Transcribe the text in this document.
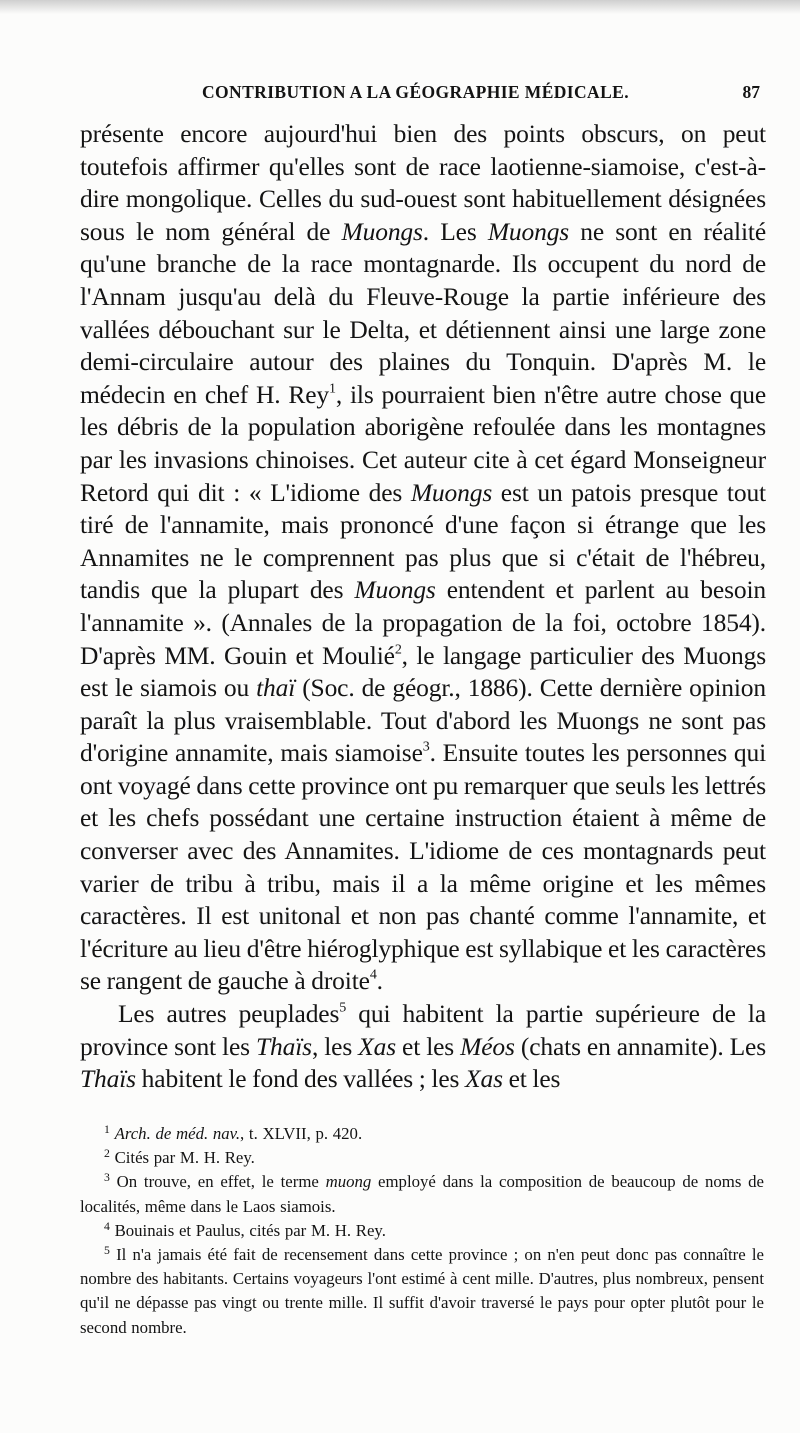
CONTRIBUTION A LA GÉOGRAPHIE MÉDICALE.	87

présente encore aujourd'hui bien des points obscurs, on peut toutefois affirmer qu'elles sont de race laotienne-siamoise, c'est-à-dire mongolique. Celles du sud-ouest sont habituellement désignées sous le nom général de Muongs. Les Muongs ne sont en réalité qu'une branche de la race montagnarde. Ils occupent du nord de l'Annam jusqu'au delà du Fleuve-Rouge la partie inférieure des vallées débouchant sur le Delta, et détiennent ainsi une large zone demi-circulaire autour des plaines du Tonquin. D'après M. le médecin en chef H. Rey$^1$, ils pourraient bien n'être autre chose que les débris de la population aborigène refoulée dans les montagnes par les invasions chinoises. Cet auteur cite à cet égard Monseigneur Retord qui dit : « L'idiome des Muongs est un patois presque tout tiré de l'annamite, mais prononcé d'une façon si étrange que les Annamites ne le comprennent pas plus que si c'était de l'hébreu, tandis que la plupart des Muongs entendent et parlent au besoin l'annamite ». (Annales de la propagation de la foi, octobre 1854). D'après MM. Gouin et Moulié$^2$, le langage particulier des Muongs est le siamois ou thaï (Soc. de géogr., 1886). Cette dernière opinion paraît la plus vraisemblable. Tout d'abord les Muongs ne sont pas d'origine annamite, mais siamoise$^3$. Ensuite toutes les personnes qui ont voyagé dans cette province ont pu remarquer que seuls les lettrés et les chefs possédant une certaine instruction étaient à même de converser avec des Annamites. L'idiome de ces montagnards peut varier de tribu à tribu, mais il a la même origine et les mêmes caractères. Il est unitonal et non pas chanté comme l'annamite, et l'écriture au lieu d'être hiéroglyphique est syllabique et les caractères se rangent de gauche à droite$^4$.

Les autres peuplades$^5$ qui habitent la partie supérieure de la province sont les Thaïs, les Xas et les Méos (chats en annamite). Les Thaïs habitent le fond des vallées ; les Xas et les

$^1$ Arch. de méd. nav., t. XLVII, p. 420.

$^2$ Cités par M. H. Rey.

$^3$ On trouve, en effet, le terme muong employé dans la composition de beaucoup de noms de localités, même dans le Laos siamois.

$^4$ Bouinais et Paulus, cités par M. H. Rey.

$^5$ Il n'a jamais été fait de recensement dans cette province ; on n'en peut donc pas connaître le nombre des habitants. Certains voyageurs l'ont estimé à cent mille. D'autres, plus nombreux, pensent qu'il ne dépasse pas vingt ou trente mille. Il suffit d'avoir traversé le pays pour opter plutôt pour le second nombre.
